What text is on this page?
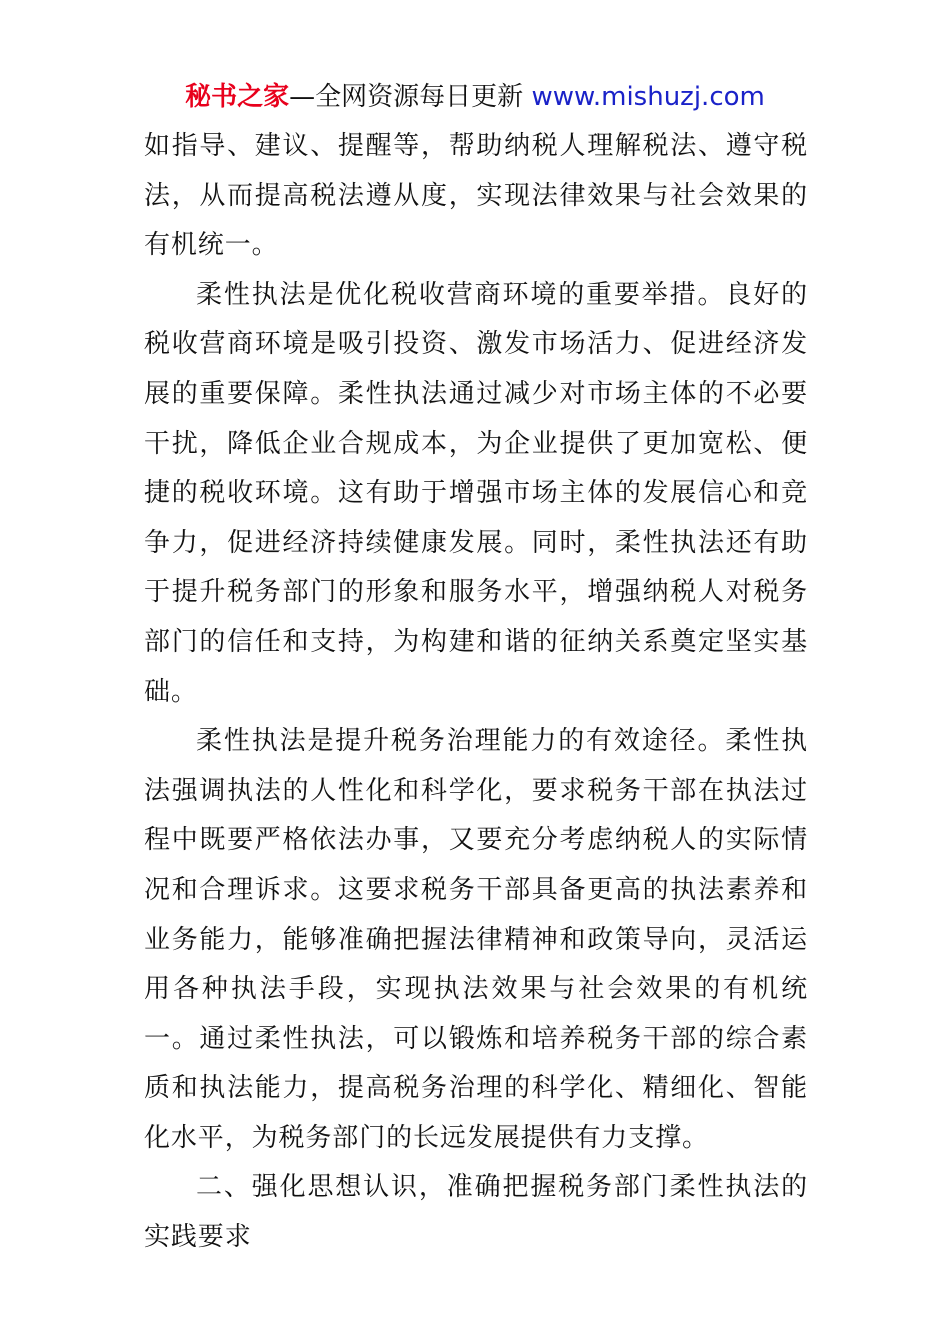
秘书之家—全网资源每日更新 www.mishuzj.com

如指导、建议、提醒等，帮助纳税人理解税法、遵守税法，从而提高税法遵从度，实现法律效果与社会效果的有机统一。

柔性执法是优化税收营商环境的重要举措。良好的税收营商环境是吸引投资、激发市场活力、促进经济发展的重要保障。柔性执法通过减少对市场主体的不必要干扰，降低企业合规成本，为企业提供了更加宽松、便捷的税收环境。这有助于增强市场主体的发展信心和竞争力，促进经济持续健康发展。同时，柔性执法还有助于提升税务部门的形象和服务水平，增强纳税人对税务部门的信任和支持，为构建和谐的征纳关系奠定坚实基础。

柔性执法是提升税务治理能力的有效途径。柔性执法强调执法的人性化和科学化，要求税务干部在执法过程中既要严格依法办事，又要充分考虑纳税人的实际情况和合理诉求。这要求税务干部具备更高的执法素养和业务能力，能够准确把握法律精神和政策导向，灵活运用各种执法手段，实现执法效果与社会效果的有机统一。通过柔性执法，可以锻炼和培养税务干部的综合素质和执法能力，提高税务治理的科学化、精细化、智能化水平，为税务部门的长远发展提供有力支撑。

二、强化思想认识，准确把握税务部门柔性执法的实践要求
